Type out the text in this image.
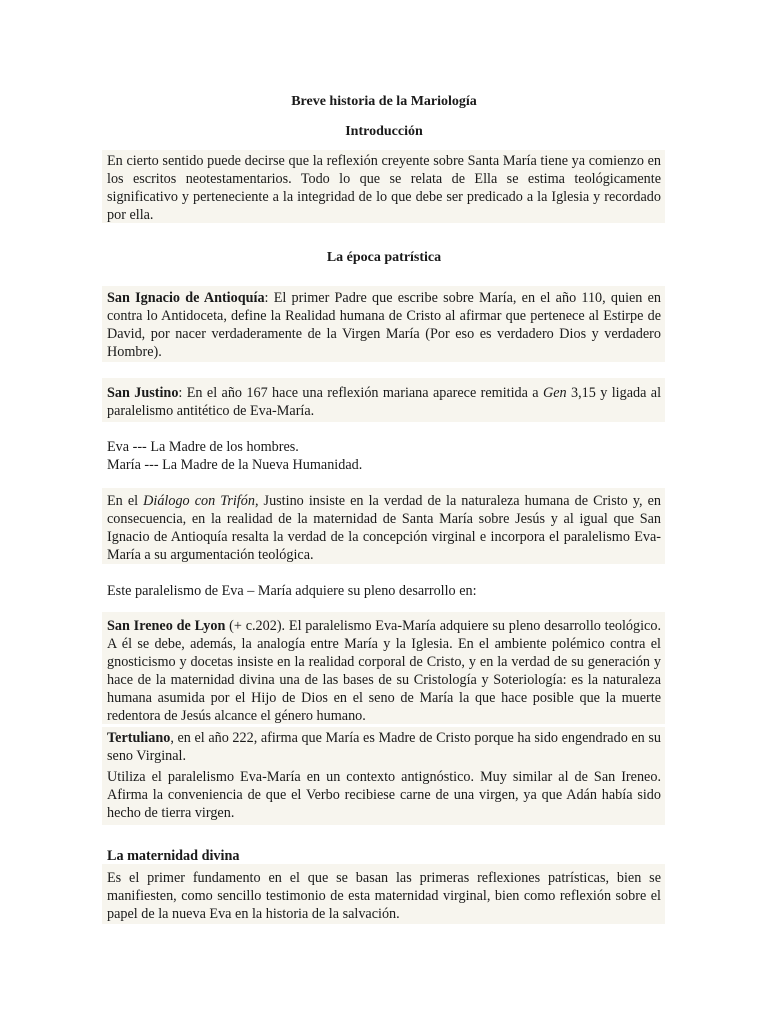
Breve historia de la Mariología

Introducción

En cierto sentido puede decirse que la reflexión creyente sobre Santa María tiene ya comienzo en los escritos neotestamentarios. Todo lo que se relata de Ella se estima teológicamente significativo y perteneciente a la integridad de lo que debe ser predicado a la Iglesia y recordado por ella.

La época patrística

San Ignacio de Antioquía: El primer Padre que escribe sobre María, en el año 110, quien en contra lo Antidoceta, define la Realidad humana de Cristo al afirmar que pertenece al Estirpe de David, por nacer verdaderamente de la Virgen María (Por eso es verdadero Dios y verdadero Hombre).

San Justino: En el año 167 hace una reflexión mariana aparece remitida a Gen 3,15 y ligada al paralelismo antitético de Eva-María.

Eva --- La Madre de los hombres.

María --- La Madre de la Nueva Humanidad.

En el Diálogo con Trifón, Justino insiste en la verdad de la naturaleza humana de Cristo y, en consecuencia, en la realidad de la maternidad de Santa María sobre Jesús y al igual que San Ignacio de Antioquía resalta la verdad de la concepción virginal e incorpora el paralelismo Eva-María a su argumentación teológica.

Este paralelismo de Eva – María adquiere su pleno desarrollo en:

San Ireneo de Lyon (+ c.202). El paralelismo Eva-María adquiere su pleno desarrollo teológico. A él se debe, además, la analogía entre María y la Iglesia. En el ambiente polémico contra el gnosticismo y docetas insiste en la realidad corporal de Cristo, y en la verdad de su generación y hace de la maternidad divina una de las bases de su Cristología y Soteriología: es la naturaleza humana asumida por el Hijo de Dios en el seno de María la que hace posible que la muerte redentora de Jesús alcance el género humano.

Tertuliano, en el año 222, afirma que María es Madre de Cristo porque ha sido engendrado en su seno Virginal.

Utiliza el paralelismo Eva-María en un contexto antignóstico. Muy similar al de San Ireneo. Afirma la conveniencia de que el Verbo recibiese carne de una virgen, ya que Adán había sido hecho de tierra virgen.

La maternidad divina

Es el primer fundamento en el que se basan las primeras reflexiones patrísticas, bien se manifiesten, como sencillo testimonio de esta maternidad virginal, bien como reflexión sobre el papel de la nueva Eva en la historia de la salvación.
